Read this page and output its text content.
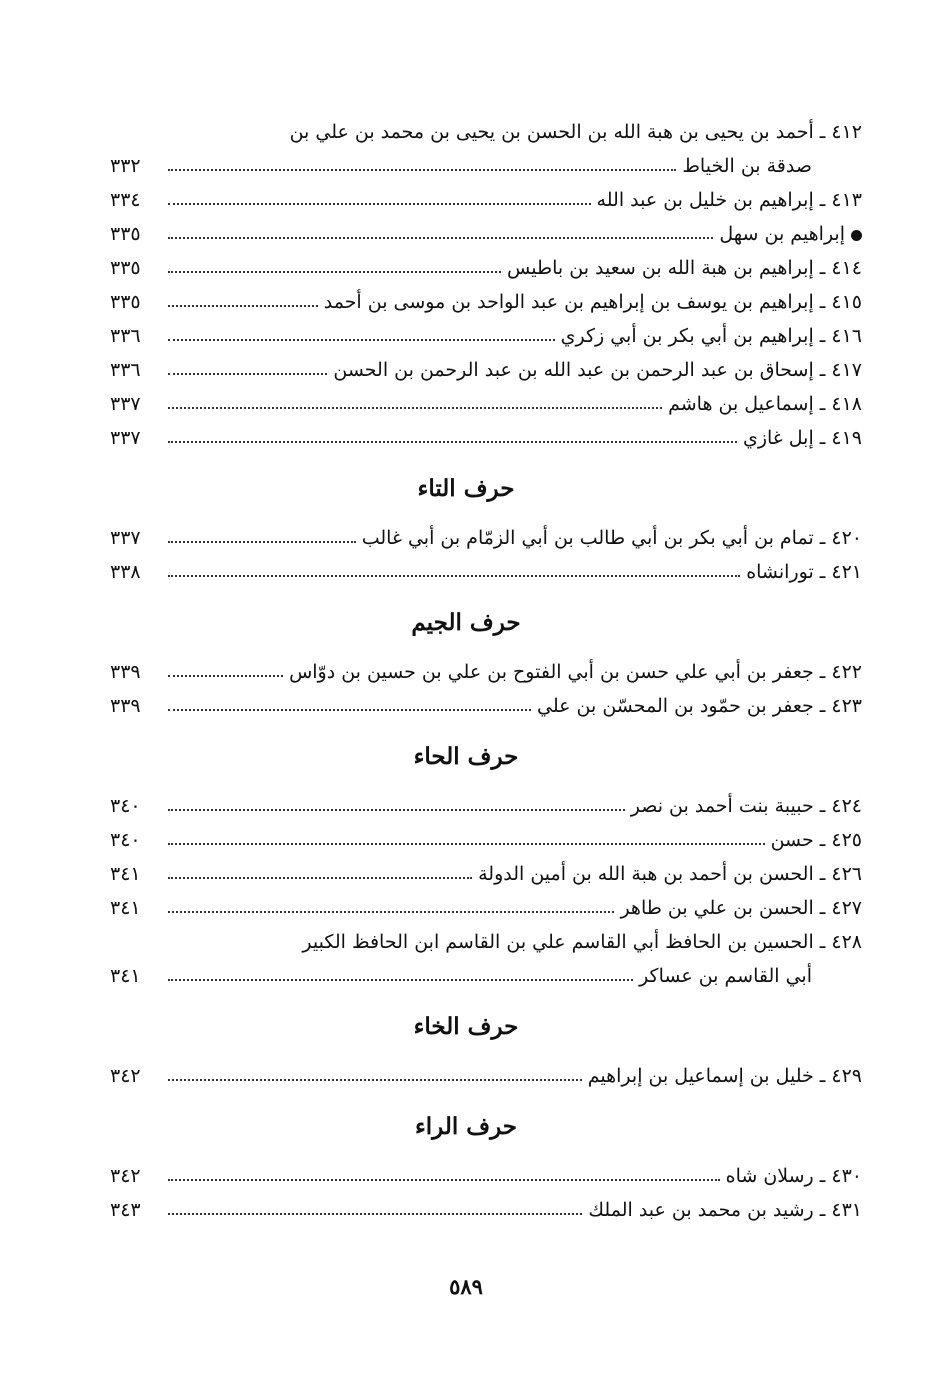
٤١٢ ـ أحمد بن يحيى بن هبة الله بن الحسن بن يحيى بن محمد بن علي بن
صدقة بن الخياط
٣٣٢
٤١٣ ـ إبراهيم بن خليل بن عبد الله
٣٣٤
إبراهيم بن سهل
٣٣٥
٤١٤ ـ إبراهيم بن هبة الله بن سعيد بن باطيس
٣٣٥
٤١٥ ـ إبراهيم بن يوسف بن إبراهيم بن عبد الواحد بن موسى بن أحمد
٣٣٥
٤١٦ ـ إبراهيم بن أبي بكر بن أبي زكري
٣٣٦
٤١٧ ـ إسحاق بن عبد الرحمن بن عبد الله بن عبد الرحمن بن الحسن
٣٣٦
٤١٨ ـ إسماعيل بن هاشم
٣٣٧
٤١٩ ـ إبل غازي
٣٣٧
حرف التاء
٤٢٠ ـ تمام بن أبي بكر بن أبي طالب بن أبي الزمّام بن أبي غالب
٣٣٧
٤٢١ ـ تورانشاه
٣٣٨
حرف الجيم
٤٢٢ ـ جعفر بن أبي علي حسن بن أبي الفتوح بن علي بن حسين بن دوّاس
٣٣٩
٤٢٣ ـ جعفر بن حمّود بن المحسّن بن علي
٣٣٩
حرف الحاء
٤٢٤ ـ حبيبة بنت أحمد بن نصر
٣٤٠
٤٢٥ ـ حسن
٣٤٠
٤٢٦ ـ الحسن بن أحمد بن هبة الله بن أمين الدولة
٣٤١
٤٢٧ ـ الحسن بن علي بن طاهر
٣٤١
٤٢٨ ـ الحسين بن الحافظ أبي القاسم علي بن القاسم ابن الحافظ الكبير
أبي القاسم بن عساكر
٣٤١
حرف الخاء
٤٢٩ ـ خليل بن إسماعيل بن إبراهيم
٣٤٢
حرف الراء
٤٣٠ ـ رسلان شاه
٣٤٢
٤٣١ ـ رشيد بن محمد بن عبد الملك
٣٤٣
٥٨٩
